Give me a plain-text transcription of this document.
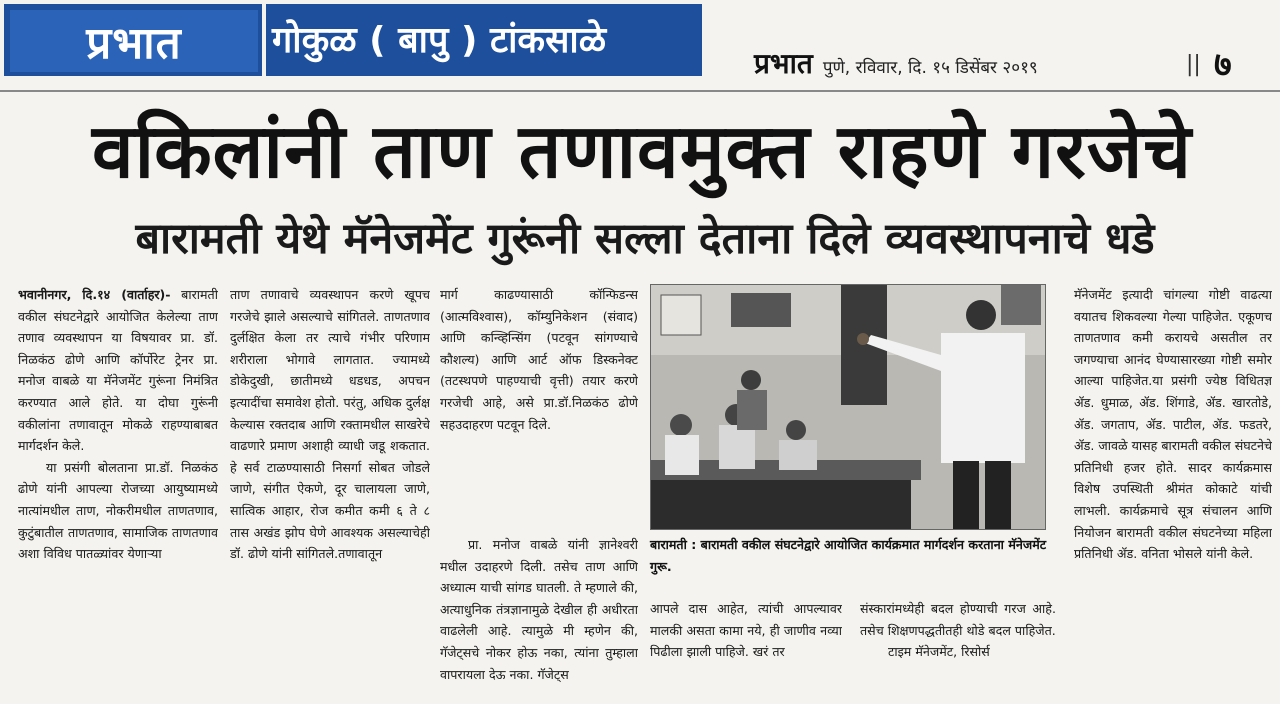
प्रभात	गोकुळ ( बापु ) टांकसाळे
प्रभात पुणे, रविवार, दि. १५ डिसेंबर २०१९	|| ७
वकिलांनी ताण तणावमुक्त राहणे गरजेचे
बारामती येथे मॅनेजमेंट गुरूंनी सल्ला देताना दिले व्यवस्थापनाचे धडे

भवानीनगर, दि.१४ (वार्ताहर)- बारामती वकील संघटनेद्वारे आयोजित केलेल्या ताण तणाव व्यवस्थापन या विषयावर प्रा. डॉ. निळकंठ ढोणे आणि कॉर्पोरेट ट्रेनर प्रा. मनोज वाबळे या मॅनेजमेंट गुरूंना निमंत्रित करण्यात आले होते. या दोघा गुरूंनी वकीलांना तणावातून मोकळे राहण्याबाबत मार्गदर्शन केले.

या प्रसंगी बोलताना प्रा.डॉ. निळकंठ ढोणे यांनी आपल्या रोजच्या आयुष्यामध्ये नात्यांमधील ताण, नोकरीमधील ताणतणाव, कुटुंबातील ताणतणाव, सामाजिक ताणतणाव अशा विविध पातळ्यांवर येणाऱ्या

ताण तणावाचे व्यवस्थापन करणे खूपच गरजेचे झाले असल्याचे सांगितले. ताणतणाव दुर्लक्षित केला तर त्याचे गंभीर परिणाम शरीराला भोगावे लागतात. ज्यामध्ये डोकेदुखी, छातीमध्ये धडधड, अपचन इत्यादींचा समावेश होतो. परंतु, अधिक दुर्लक्ष केल्यास रक्तदाब आणि रक्तामधील साखरेचे वाढणारे प्रमाण अशाही व्याधी जडू शकतात. हे सर्व टाळण्यासाठी निसर्गा सोबत जोडले जाणे, संगीत ऐकणे, दूर चालायला जाणे, सात्विक आहार, रोज कमीत कमी ६ ते ८ तास अखंड झोप घेणे आवश्यक असल्याचेही डॉ. ढोणे यांनी सांगितले.तणावातून

मार्ग काढण्यासाठी कॉन्फिडन्स (आत्मविश्वास), कॉम्युनिकेशन (संवाद) आणि कन्व्हिन्सिंग (पटवून सांगण्याचे कौशल्य) आणि आर्ट ऑफ डिस्कनेक्ट (तटस्थपणे पाहण्याची वृत्ती) तयार करणे गरजेची आहे, असे प्रा.डॉ.निळकंठ ढोणे सहउदाहरण पटवून दिले.

प्रा. मनोज वाबळे यांनी ज्ञानेश्वरी मधील उदाहरणे दिली. तसेच ताण आणि अध्यात्म याची सांगड घातली. ते म्हणाले की, अत्याधुनिक तंत्रज्ञानामुळे देखील ही अधीरता वाढलेली आहे. त्यामुळे मी म्हणेन की, गॅजेट्सचे नोकर होऊ नका, त्यांना तुम्हाला वापरायला देऊ नका. गॅजेट्स

बारामती : बारामती वकील संघटनेद्वारे आयोजित कार्यक्रमात मार्गदर्शन करताना मॅनेजमेंट गुरू.

आपले दास आहेत, त्यांची आपल्यावर मालकी असता कामा नये, ही जाणीव नव्या पिढीला झाली पाहिजे. खरं तर

संस्कारांमध्येही बदल होण्याची गरज आहे. तसेच शिक्षणपद्धतीतही थोडे बदल पाहिजेत.

टाइम मॅनेजमेंट, रिसोर्स

मॅनेजमेंट इत्यादी चांगल्या गोष्टी वाढत्या वयातच शिकवल्या गेल्या पाहिजेत. एकूणच ताणतणाव कमी करायचे असतील तर जगण्याचा आनंद घेण्यासारख्या गोष्टी समोर आल्या पाहिजेत.या प्रसंगी ज्येष्ठ विधितज्ञ ॲड. धुमाळ, ॲड. शिंगाडे, ॲड. खारतोडे, ॲड. जगताप, ॲड. पाटील, ॲड. फडतरे, ॲड. जावळे यासह बारामती वकील संघटनेचे प्रतिनिधी हजर होते. सादर कार्यक्रमास विशेष उपस्थिती श्रीमंत कोकाटे यांची लाभली. कार्यक्रमाचे सूत्र संचालन आणि नियोजन बारामती वकील संघटनेच्या महिला प्रतिनिधी ॲड. वनिता भोसले यांनी केले.
